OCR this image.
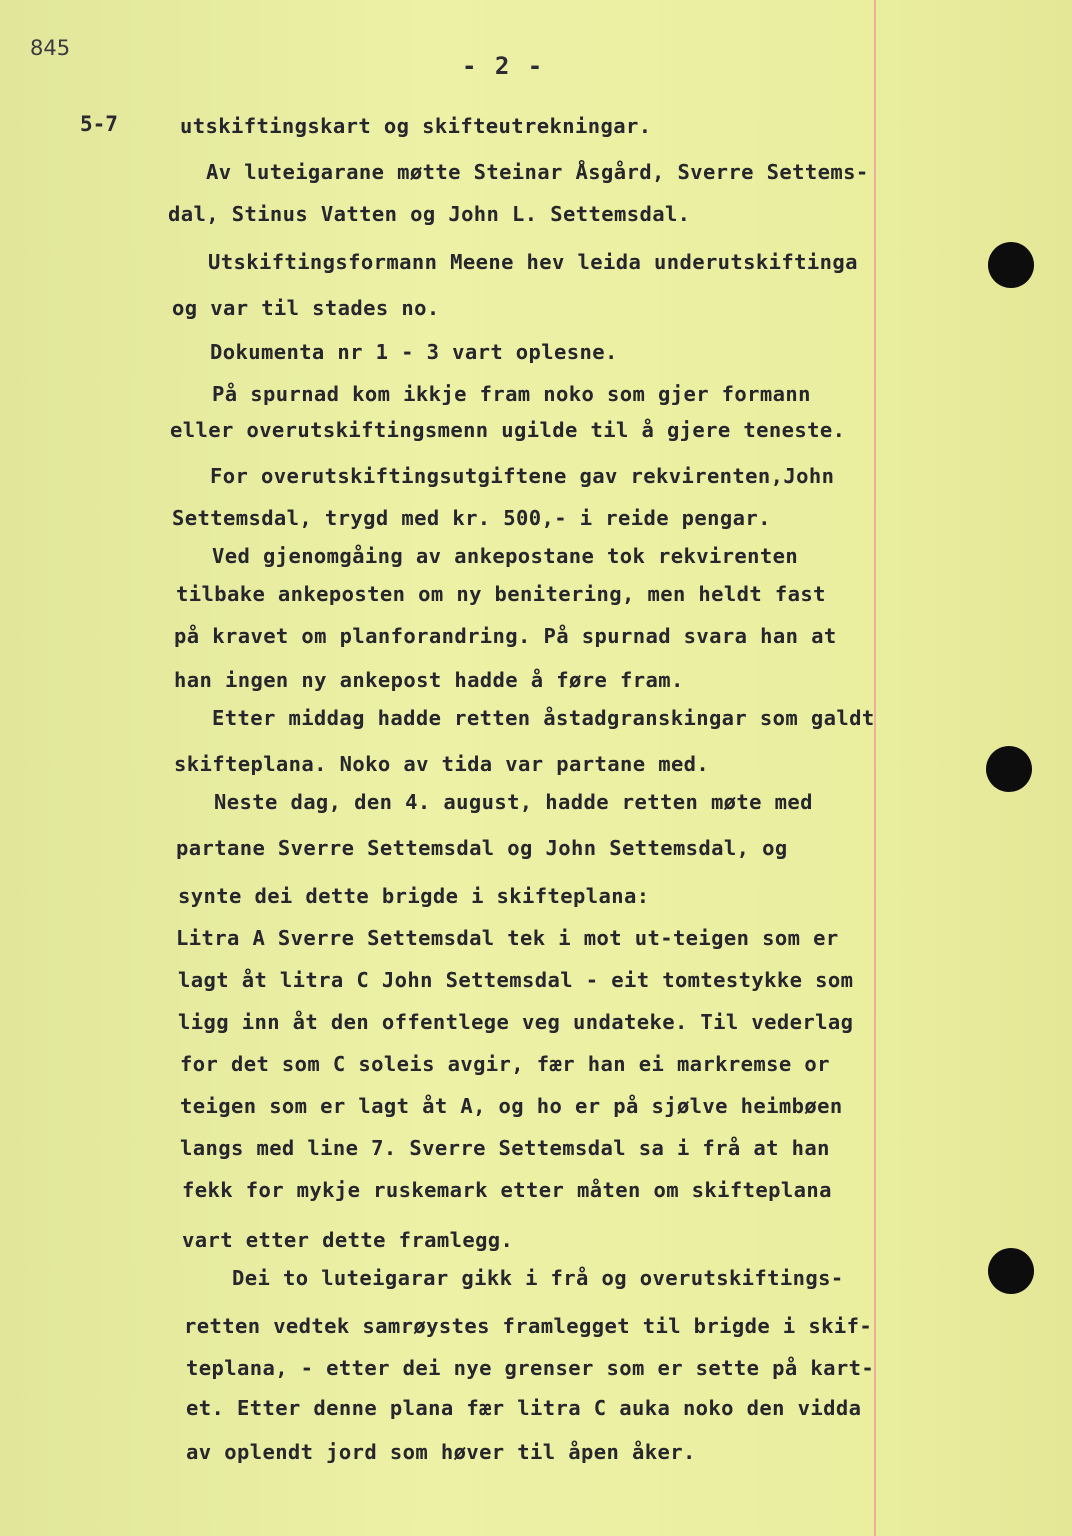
845
- 2 -
5-7	utskiftingskart og skifteutrekningar.
Av luteigarane møtte Steinar Åsgård, Sverre Settems-
dal, Stinus Vatten og John L. Settemsdal.
Utskiftingsformann Meene hev leida underutskiftinga
og var til stades no.
Dokumenta nr 1 - 3 vart oplesne.
På spurnad kom ikkje fram noko som gjer formann
eller overutskiftingsmenn ugilde til å gjere teneste.
For overutskiftingsutgiftene gav rekvirenten,John
Settemsdal, trygd med kr. 500,- i reide pengar.
Ved gjenomgåing av ankepostane tok rekvirenten
tilbake ankeposten om ny benitering, men heldt fast
på kravet om planforandring. På spurnad svara han at
han ingen ny ankepost hadde å føre fram.
Etter middag hadde retten åstadgranskingar som galdt
skifteplana. Noko av tida var partane med.
Neste dag, den 4. august, hadde retten møte med
partane Sverre Settemsdal og John Settemsdal, og
synte dei dette brigde i skifteplana:
Litra A Sverre Settemsdal tek i mot ut-teigen som er
lagt åt litra C John Settemsdal - eit tomtestykke som
ligg inn åt den offentlege veg undateke. Til vederlag
for det som C soleis avgir, fær han ei markremse or
teigen som er lagt åt A, og ho er på sjølve heimbøen
langs med line 7. Sverre Settemsdal sa i frå at han
fekk for mykje ruskemark etter måten om skifteplana
vart etter dette framlegg.
Dei to luteigarar gikk i frå og overutskiftings-
retten vedtek samrøystes framlegget til brigde i skif-
teplana, - etter dei nye grenser som er sette på kart-
et. Etter denne plana fær litra C auka noko den vidda
av oplendt jord som høver til åpen åker.
